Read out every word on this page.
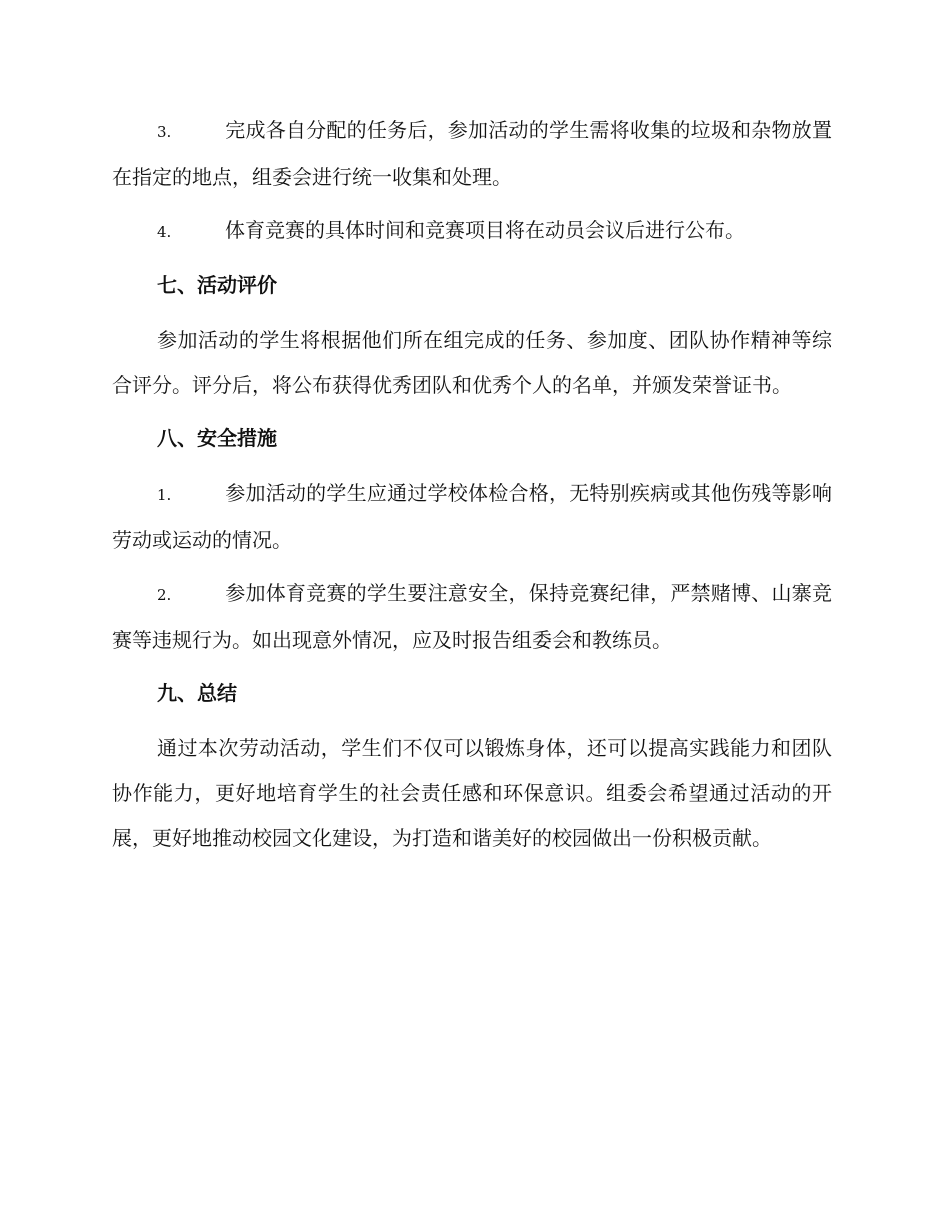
3.	完成各自分配的任务后，参加活动的学生需将收集的垃圾和杂物放置在指定的地点，组委会进行统一收集和处理。

4.	体育竞赛的具体时间和竞赛项目将在动员会议后进行公布。

七、活动评价

参加活动的学生将根据他们所在组完成的任务、参加度、团队协作精神等综合评分。评分后，将公布获得优秀团队和优秀个人的名单，并颁发荣誉证书。

八、安全措施

1.	参加活动的学生应通过学校体检合格，无特别疾病或其他伤残等影响劳动或运动的情况。

2.	参加体育竞赛的学生要注意安全，保持竞赛纪律，严禁赌博、山寨竞赛等违规行为。如出现意外情况，应及时报告组委会和教练员。

九、总结

通过本次劳动活动，学生们不仅可以锻炼身体，还可以提高实践能力和团队协作能力，更好地培育学生的社会责任感和环保意识。组委会希望通过活动的开展，更好地推动校园文化建设，为打造和谐美好的校园做出一份积极贡献。
